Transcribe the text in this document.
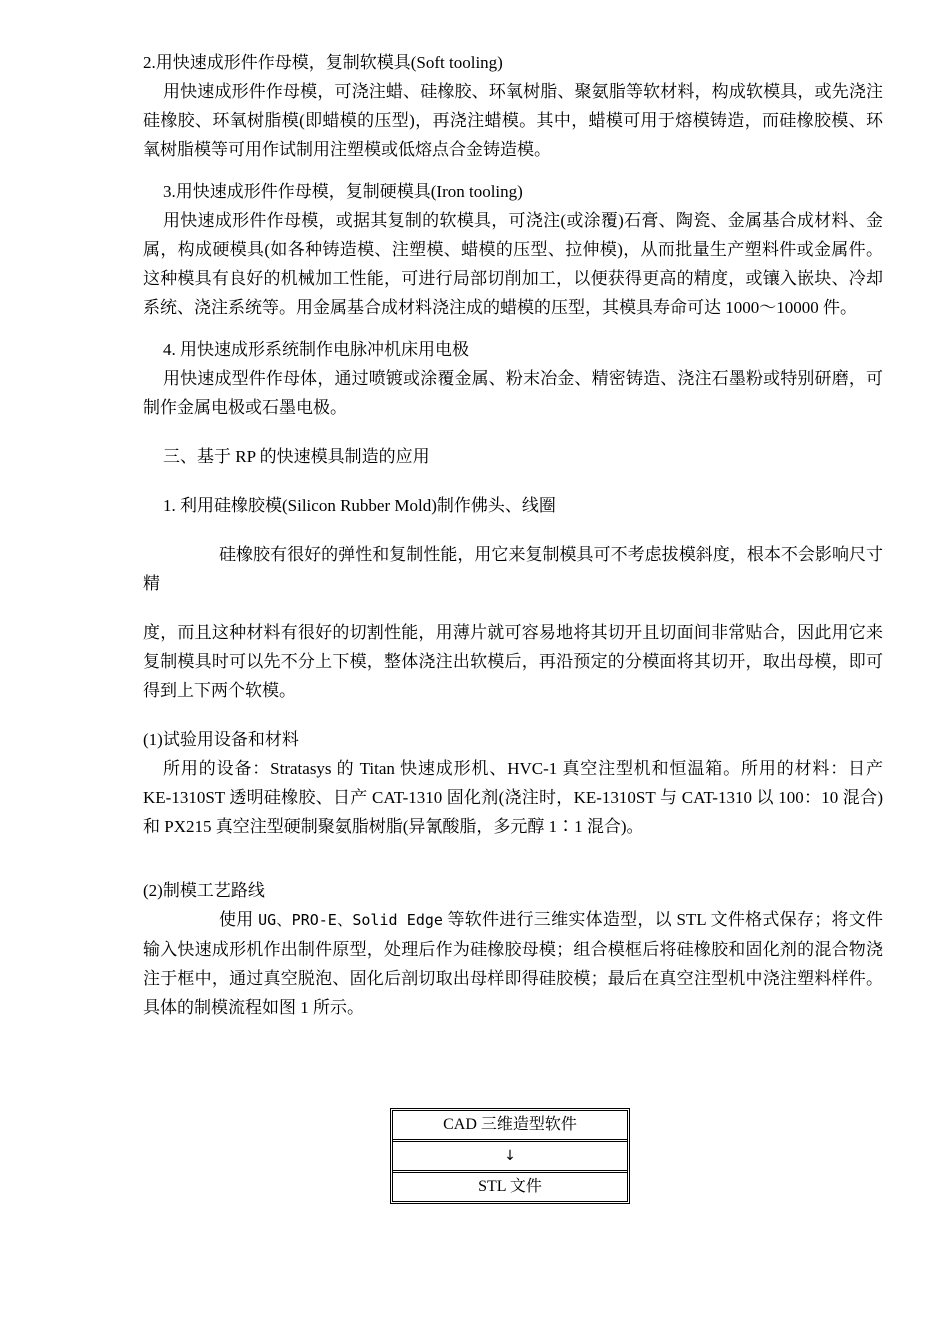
2.用快速成形件作母模，复制软模具(Soft tooling)

用快速成形件作母模，可浇注蜡、硅橡胶、环氧树脂、聚氨脂等软材料，构成软模具，或先浇注硅橡胶、环氧树脂模(即蜡模的压型)，再浇注蜡模。其中，蜡模可用于熔模铸造，而硅橡胶模、环氧树脂模等可用作试制用注塑模或低熔点合金铸造模。

3.用快速成形件作母模，复制硬模具(Iron tooling)

用快速成形件作母模，或据其复制的软模具，可浇注(或涂覆)石膏、陶瓷、金属基合成材料、金属，构成硬模具(如各种铸造模、注塑模、蜡模的压型、拉伸模)，从而批量生产塑料件或金属件。这种模具有良好的机械加工性能，可进行局部切削加工，以便获得更高的精度，或镶入嵌块、冷却系统、浇注系统等。用金属基合成材料浇注成的蜡模的压型，其模具寿命可达 1000～10000 件。

4. 用快速成形系统制作电脉冲机床用电极

用快速成型件作母体，通过喷镀或涂覆金属、粉末冶金、精密铸造、浇注石墨粉或特别研磨，可制作金属电极或石墨电极。

三、基于 RP 的快速模具制造的应用

1. 利用硅橡胶模(Silicon Rubber Mold)制作佛头、线圈

硅橡胶有很好的弹性和复制性能，用它来复制模具可不考虑拔模斜度，根本不会影响尺寸精

度，而且这种材料有很好的切割性能，用薄片就可容易地将其切开且切面间非常贴合，因此用它来复制模具时可以先不分上下模，整体浇注出软模后，再沿预定的分模面将其切开，取出母模，即可得到上下两个软模。

(1)试验用设备和材料

所用的设备：Stratasys 的 Titan 快速成形机、HVC-1 真空注型机和恒温箱。所用的材料：日产 KE-1310ST 透明硅橡胶、日产 CAT-1310 固化剂(浇注时，KE-1310ST 与 CAT-1310 以 100：10 混合)和 PX215 真空注型硬制聚氨脂树脂(异氰酸脂，多元醇 1∶1 混合)。

(2)制模工艺路线

使用 UG、PRO-E、Solid Edge 等软件进行三维实体造型，以 STL 文件格式保存；将文件输入快速成形机作出制件原型，处理后作为硅橡胶母模；组合模框后将硅橡胶和固化剂的混合物浇注于框中，通过真空脱泡、固化后剖切取出母样即得硅胶模；最后在真空注型机中浇注塑料样件。具体的制模流程如图 1 所示。

CAD 三维造型软件
↓
STL 文件
